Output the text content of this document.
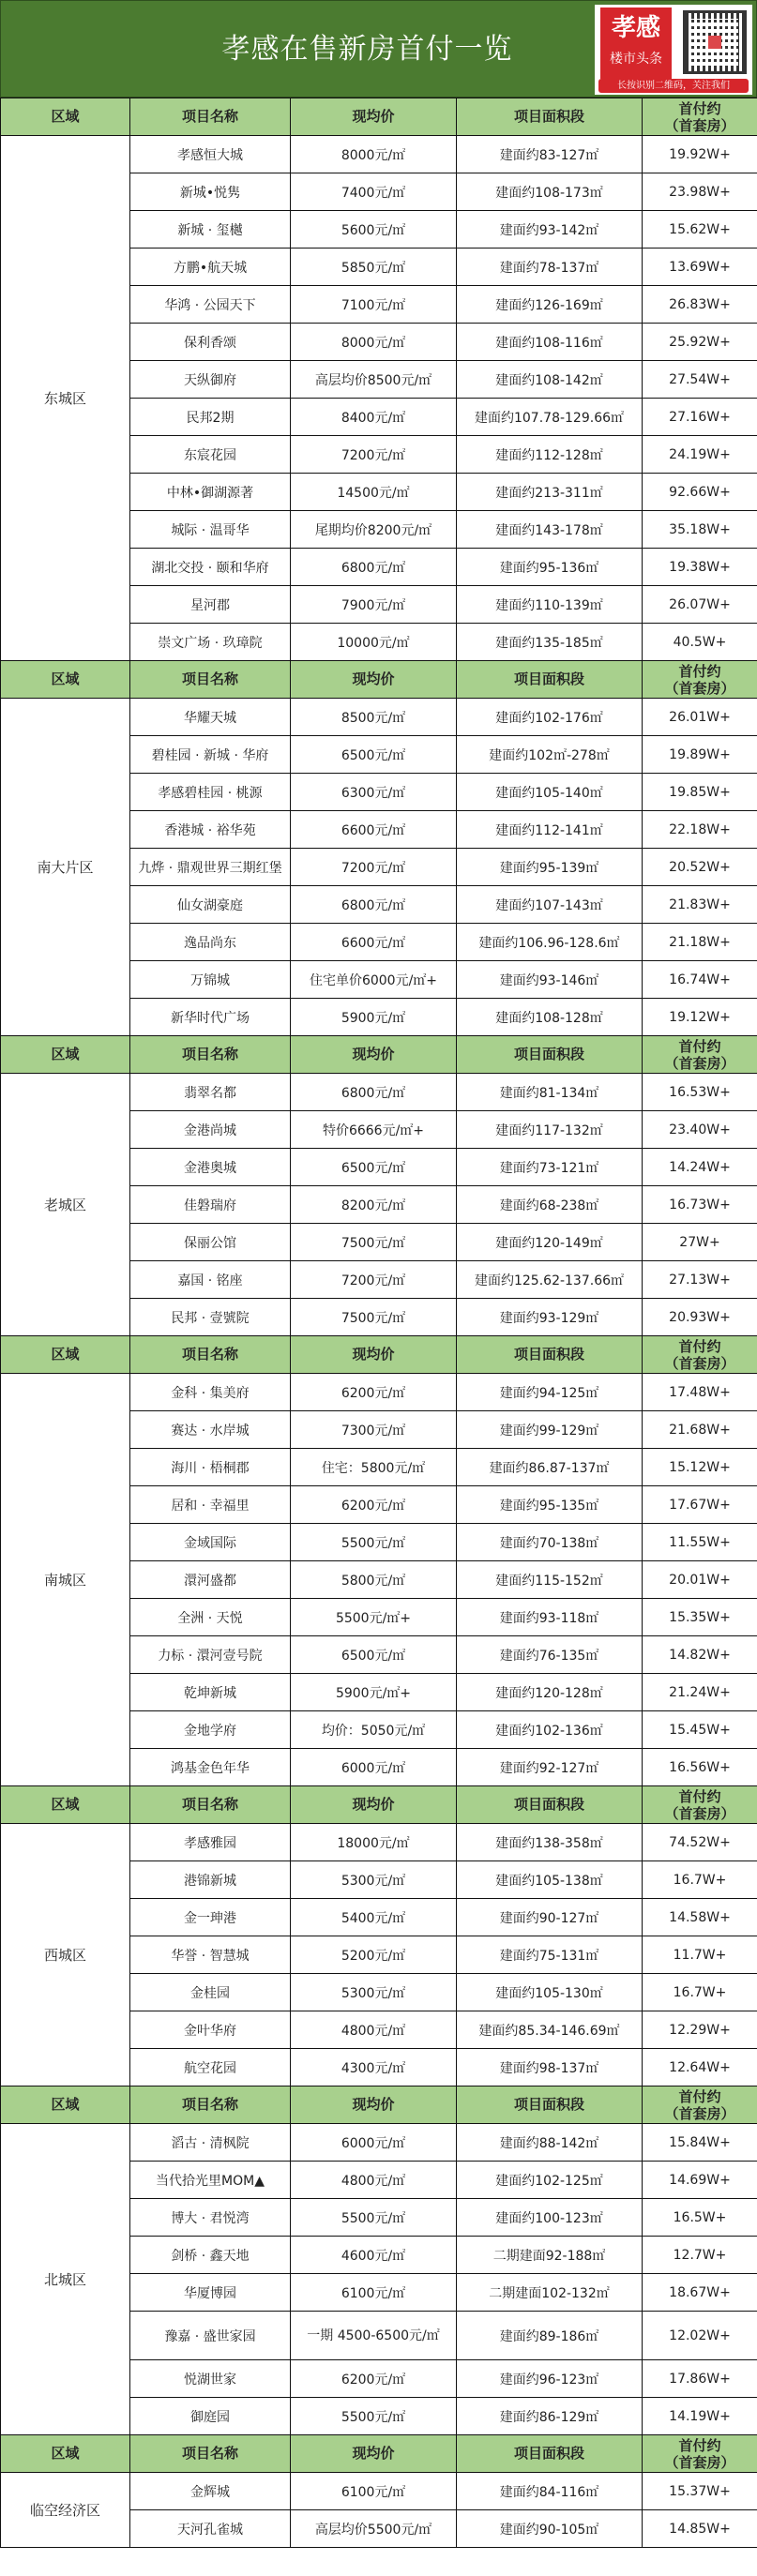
孝感在售新房首付一览
孝感
楼市头条
长按识别二维码，关注我们
区域	项目名称	现均价	项目面积段	首付约
（首套房）

东城区	孝感恒大城	8000元/㎡	建面约83-127㎡	19.92W+
	新城•悦隽	7400元/㎡	建面约108-173㎡	23.98W+
	新城 · 玺樾	5600元/㎡	建面约93-142㎡	15.62W+
	方鹏•航天城	5850元/㎡	建面约78-137㎡	13.69W+
	华鸿 · 公园天下	7100元/㎡	建面约126-169㎡	26.83W+
	保利香颂	8000元/㎡	建面约108-116㎡	25.92W+
	天纵御府	高层均价8500元/㎡	建面约108-142㎡	27.54W+
	民邦2期	8400元/㎡	建面约107.78-129.66㎡	27.16W+
	东宸花园	7200元/㎡	建面约112-128㎡	24.19W+
	中林•御湖源著	14500元/㎡	建面约213-311㎡	92.66W+
	城际 · 温哥华	尾期均价8200元/㎡	建面约143-178㎡	35.18W+
	湖北交投 · 颐和华府	6800元/㎡	建面约95-136㎡	19.38W+
	星河郡	7900元/㎡	建面约110-139㎡	26.07W+
	崇文广场 · 玖璋院	10000元/㎡	建面约135-185㎡	40.5W+
区域	项目名称	现均价	项目面积段	首付约
（首套房）

南大片区	华耀天城	8500元/㎡	建面约102-176㎡	26.01W+
	碧桂园 · 新城 · 华府	6500元/㎡	建面约102㎡-278㎡	19.89W+
	孝感碧桂园 · 桃源	6300元/㎡	建面约105-140㎡	19.85W+
	香港城 · 裕华苑	6600元/㎡	建面约112-141㎡	22.18W+
	九烨 · 鼎观世界三期红堡	7200元/㎡	建面约95-139㎡	20.52W+
	仙女湖豪庭	6800元/㎡	建面约107-143㎡	21.83W+
	逸品尚东	6600元/㎡	建面约106.96-128.6㎡	21.18W+
	万锦城	住宅单价6000元/㎡+	建面约93-146㎡	16.74W+
	新华时代广场	5900元/㎡	建面约108-128㎡	19.12W+
区域	项目名称	现均价	项目面积段	首付约
（首套房）

老城区	翡翠名都	6800元/㎡	建面约81-134㎡	16.53W+
	金港尚城	特价6666元/㎡+	建面约117-132㎡	23.40W+
	金港奥城	6500元/㎡	建面约73-121㎡	14.24W+
	佳磐瑞府	8200元/㎡	建面约68-238㎡	16.73W+
	保丽公馆	7500元/㎡	建面约120-149㎡	27W+
	嘉国 · 铭座	7200元/㎡	建面约125.62-137.66㎡	27.13W+
	民邦 · 壹號院	7500元/㎡	建面约93-129㎡	20.93W+
区域	项目名称	现均价	项目面积段	首付约
（首套房）

南城区	金科 · 集美府	6200元/㎡	建面约94-125㎡	17.48W+
	赛达 · 水岸城	7300元/㎡	建面约99-129㎡	21.68W+
	海川 · 梧桐郡	住宅：5800元/㎡	建面约86.87-137㎡	15.12W+
	居和 · 幸福里	6200元/㎡	建面约95-135㎡	17.67W+
	金域国际	5500元/㎡	建面约70-138㎡	11.55W+
	澴河盛都	5800元/㎡	建面约115-152㎡	20.01W+
	全洲 · 天悦	5500元/㎡+	建面约93-118㎡	15.35W+
	力标 · 澴河壹号院	6500元/㎡	建面约76-135㎡	14.82W+
	乾坤新城	5900元/㎡+	建面约120-128㎡	21.24W+
	金地学府	均价：5050元/㎡	建面约102-136㎡	15.45W+
	鸿基金色年华	6000元/㎡	建面约92-127㎡	16.56W+
区域	项目名称	现均价	项目面积段	首付约
（首套房）

西城区	孝感雅园	18000元/㎡	建面约138-358㎡	74.52W+
	港锦新城	5300元/㎡	建面约105-138㎡	16.7W+
	金一珅港	5400元/㎡	建面约90-127㎡	14.58W+
	华誉 · 智慧城	5200元/㎡	建面约75-131㎡	11.7W+
	金桂园	5300元/㎡	建面约105-130㎡	16.7W+
	金叶华府	4800元/㎡	建面约85.34-146.69㎡	12.29W+
	航空花园	4300元/㎡	建面约98-137㎡	12.64W+
区域	项目名称	现均价	项目面积段	首付约
（首套房）

北城区	滔古 · 清枫院	6000元/㎡	建面约88-142㎡	15.84W+
	当代拾光里MOM▲	4800元/㎡	建面约102-125㎡	14.69W+
	博大 · 君悦湾	5500元/㎡	建面约100-123㎡	16.5W+
	剑桥 · 鑫天地	4600元/㎡	二期建面92-188㎡	12.7W+
	华厦博园	6100元/㎡	二期建面102-132㎡	18.67W+
	豫嘉 · 盛世家园	一期 4500-6500元/㎡	建面约89-186㎡	12.02W+
	悦湖世家	6200元/㎡	建面约96-123㎡	17.86W+
	御庭园	5500元/㎡	建面约86-129㎡	14.19W+
区域	项目名称	现均价	项目面积段	首付约
（首套房）

临空经济区	金辉城	6100元/㎡	建面约84-116㎡	15.37W+
	天河孔雀城	高层均价5500元/㎡	建面约90-105㎡	14.85W+
